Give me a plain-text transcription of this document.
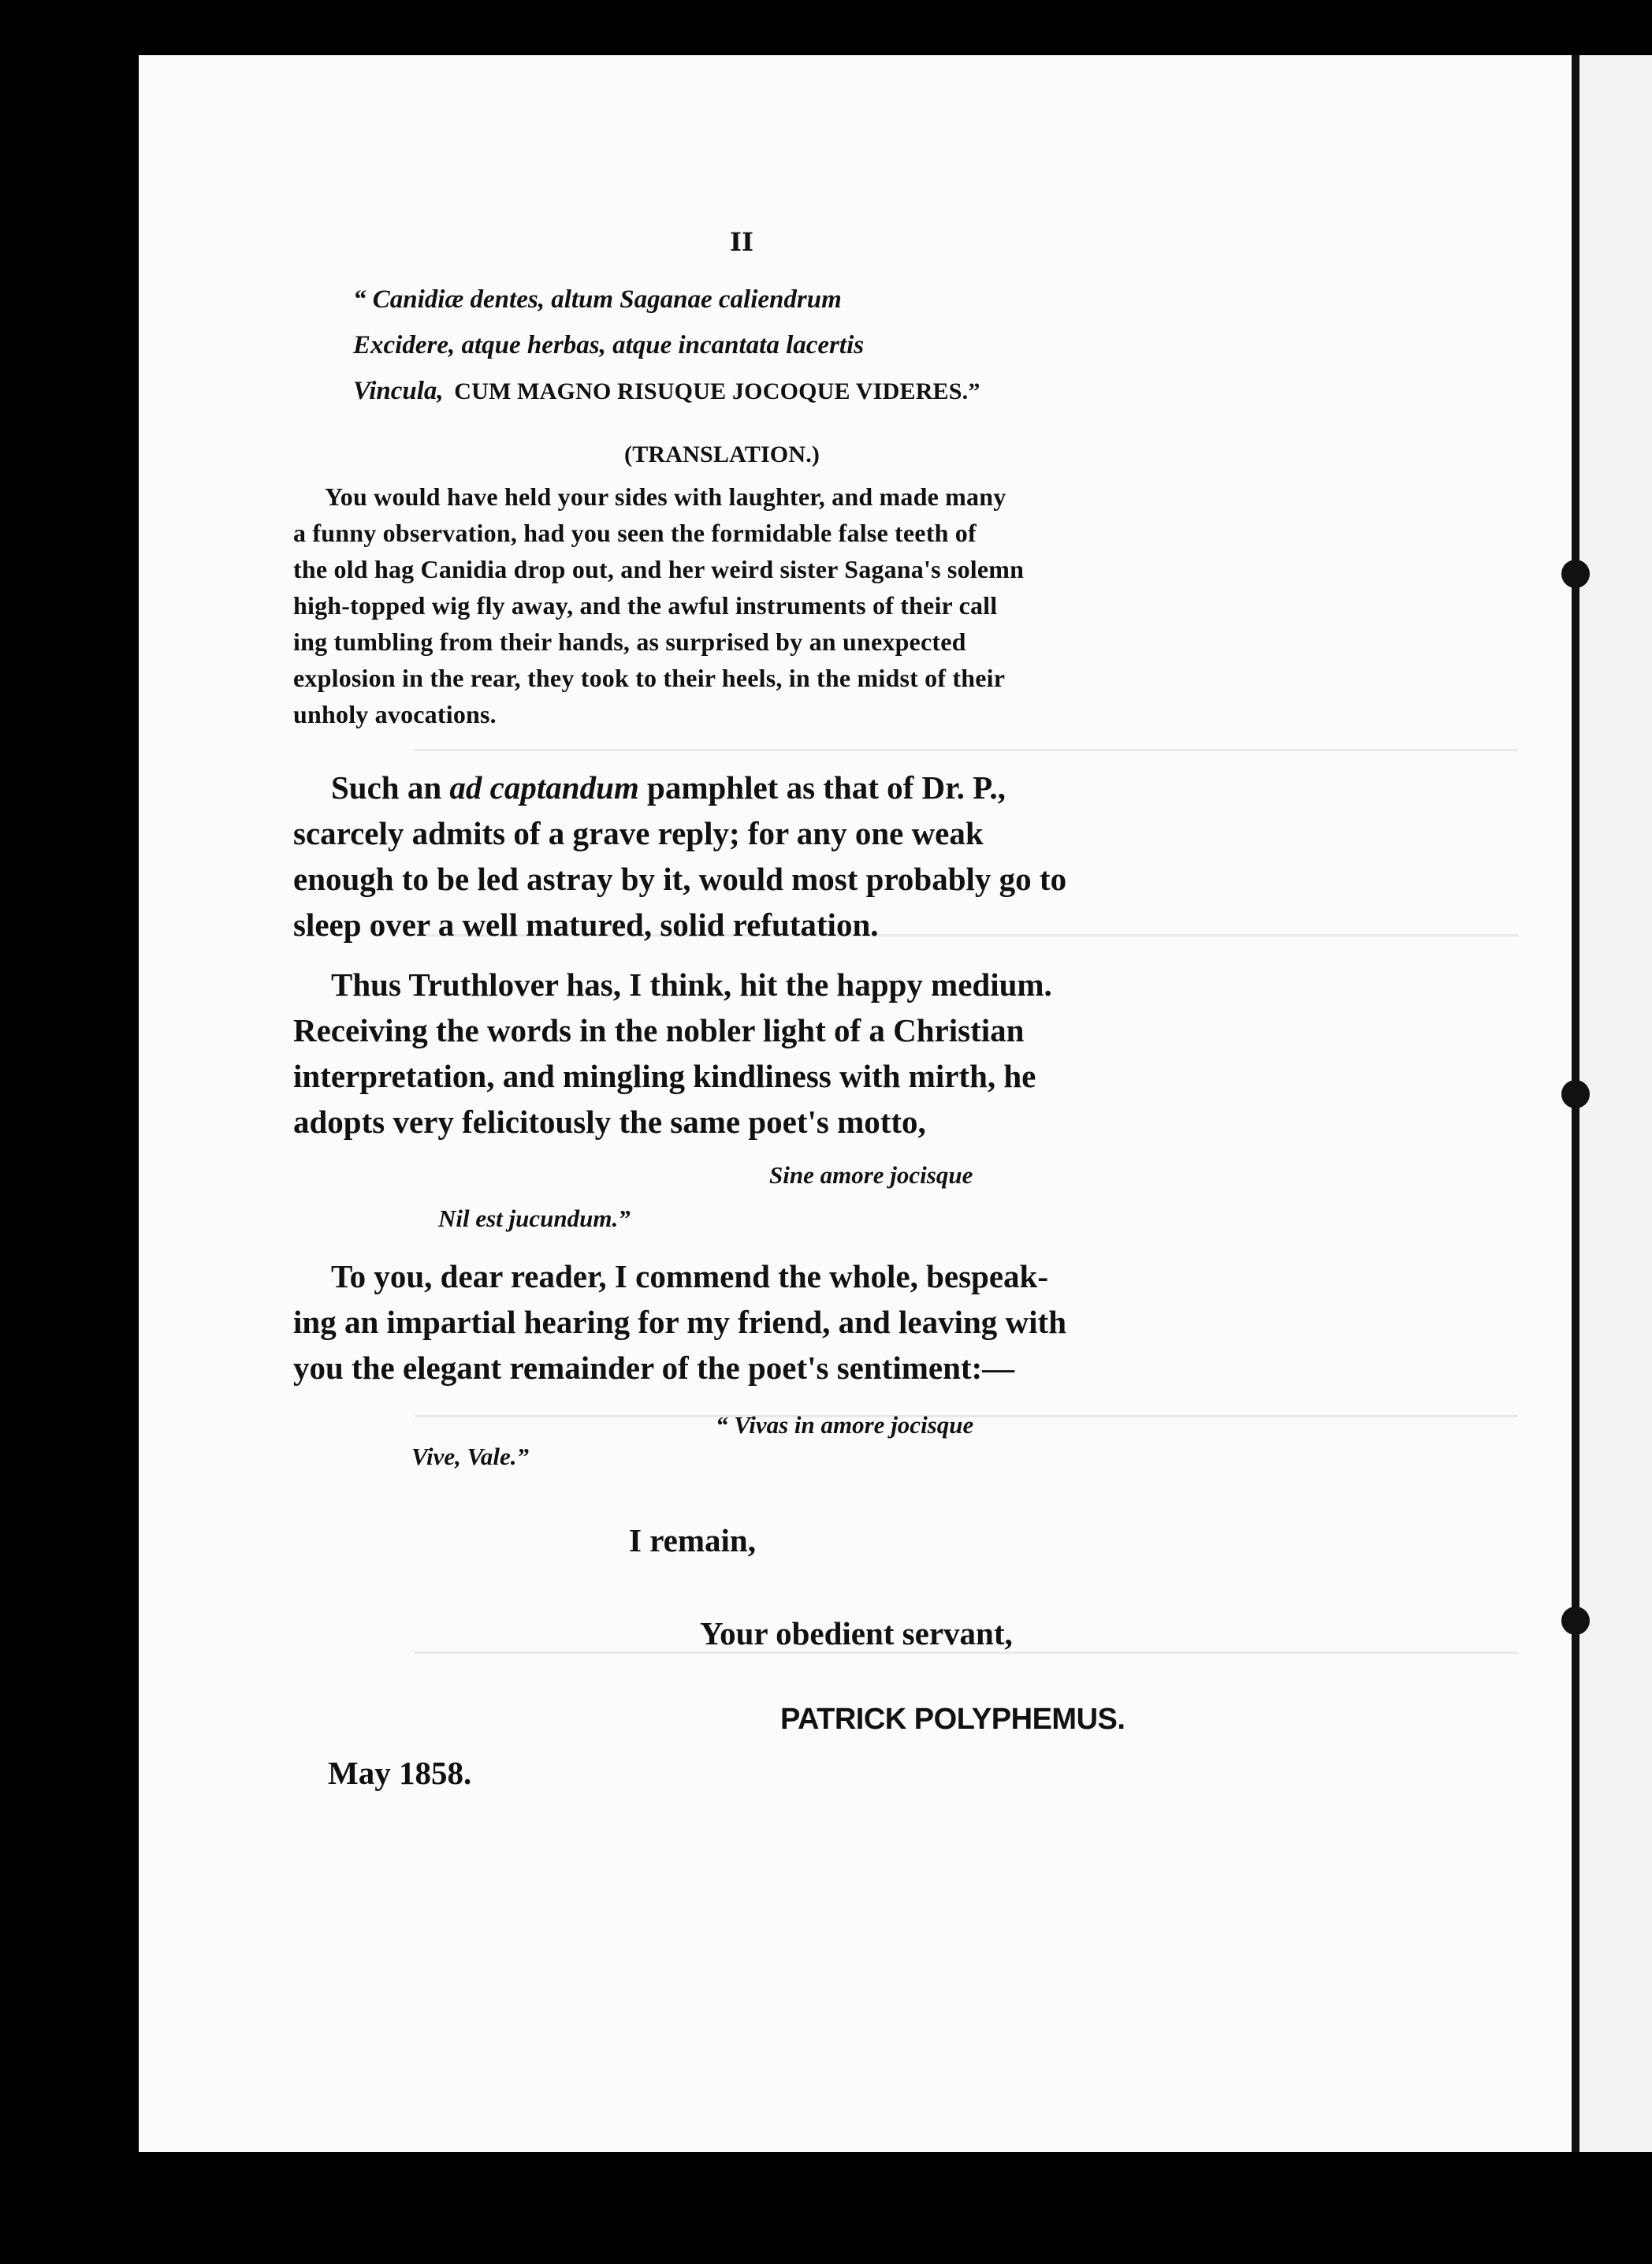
II
“ Canidiæ dentes, altum Saganae caliendrum
Excidere, atque herbas, atque incantata lacertis
Vincula, CUM MAGNO RISUQUE JOCOQUE VIDERES.”
(TRANSLATION.)
You would have held your sides with laughter, and made many
a funny observation, had you seen the formidable false teeth of
the old hag Canidia drop out, and her weird sister Sagana's solemn
high-topped wig fly away, and the awful instruments of their call
ing tumbling from their hands, as surprised by an unexpected
explosion in the rear, they took to their heels, in the midst of their
unholy avocations.
Such an ad captandum pamphlet as that of Dr. P.,
scarcely admits of a grave reply; for any one weak
enough to be led astray by it, would most probably go to
sleep over a well matured, solid refutation.
Thus Truthlover has, I think, hit the happy medium.
Receiving the words in the nobler light of a Christian
interpretation, and mingling kindliness with mirth, he
adopts very felicitously the same poet's motto,
Sine amore jocisque
Nil est jucundum.”
To you, dear reader, I commend the whole, bespeak-
ing an impartial hearing for my friend, and leaving with
you the elegant remainder of the poet's sentiment:—
“ Vivas in amore jocisque
Vive, Vale.”
I remain,
Your obedient servant,
PATRICK POLYPHEMUS.
May 1858.
